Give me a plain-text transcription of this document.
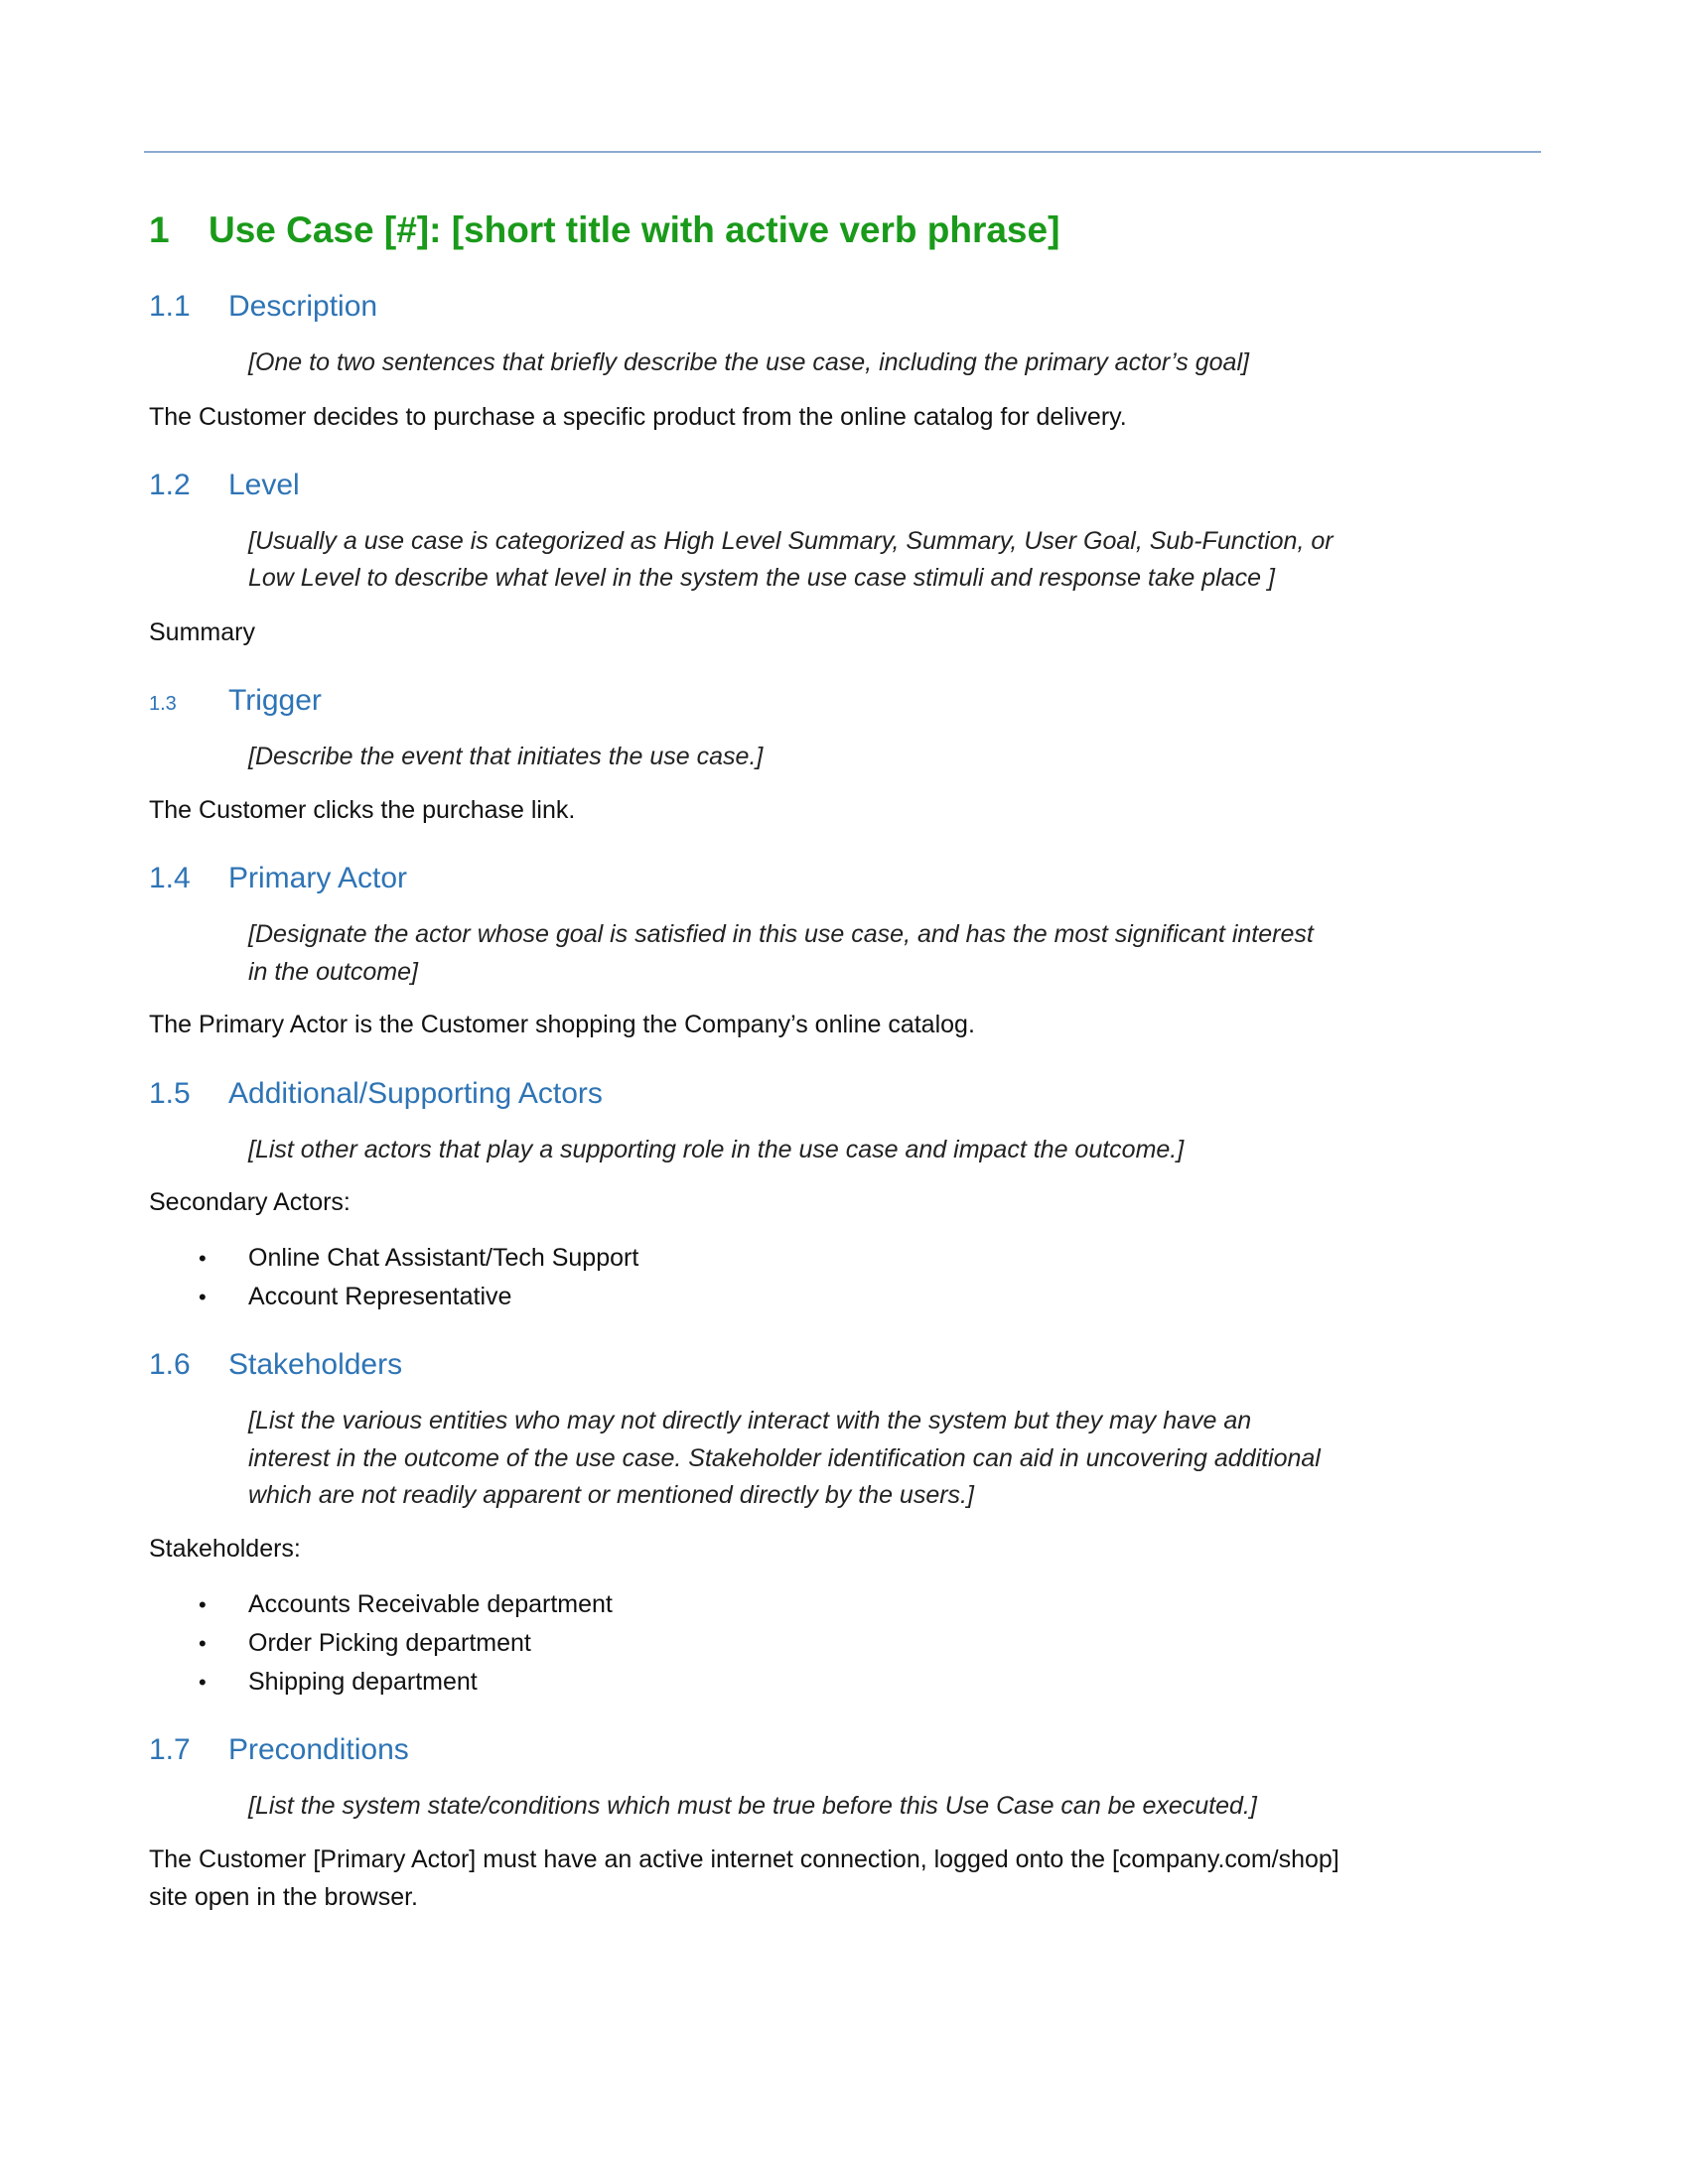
1 Use Case [#]: [short title with active verb phrase]
1.1 Description
[One to two sentences that briefly describe the use case, including the primary actor’s goal]
The Customer decides to purchase a specific product from the online catalog for delivery.
1.2 Level
[Usually a use case is categorized as High Level Summary, Summary, User Goal, Sub-Function, or
Low Level to describe what level in the system the use case stimuli and response take place ]
Summary
1.3 Trigger
[Describe the event that initiates the use case.]
The Customer clicks the purchase link.
1.4 Primary Actor
[Designate the actor whose goal is satisfied in this use case, and has the most significant interest
in the outcome]
The Primary Actor is the Customer shopping the Company’s online catalog.
1.5 Additional/Supporting Actors
[List other actors that play a supporting role in the use case and impact the outcome.]
Secondary Actors:
• Online Chat Assistant/Tech Support
• Account Representative
1.6 Stakeholders
[List the various entities who may not directly interact with the system but they may have an
interest in the outcome of the use case. Stakeholder identification can aid in uncovering additional
which are not readily apparent or mentioned directly by the users.]
Stakeholders:
• Accounts Receivable department
• Order Picking department
• Shipping department
1.7 Preconditions
[List the system state/conditions which must be true before this Use Case can be executed.]
The Customer [Primary Actor] must have an active internet connection, logged onto the [company.com/shop]
site open in the browser.
